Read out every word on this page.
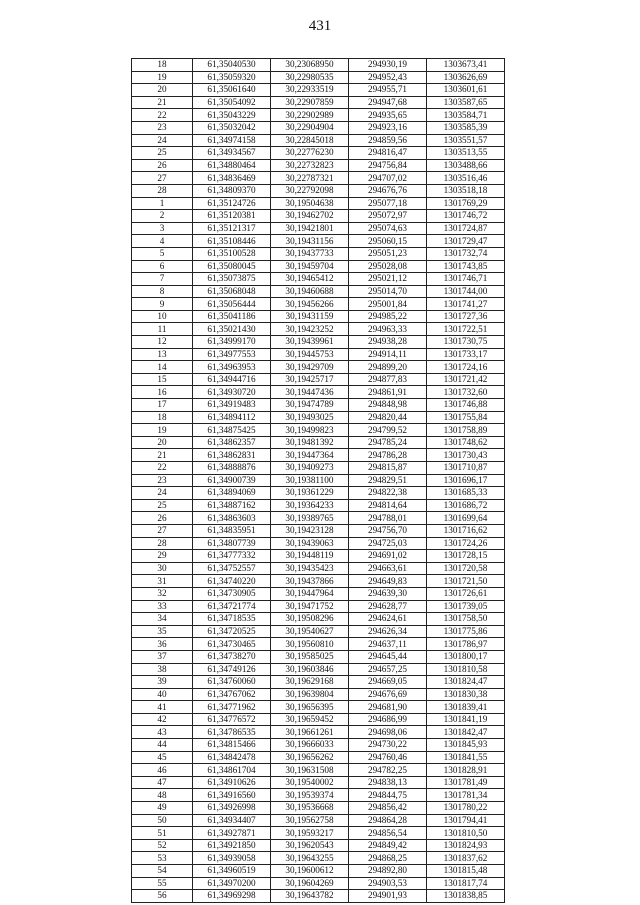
431
18	61,35040530	30,23068950	294930,19	1303673,41
19	61,35059320	30,22980535	294952,43	1303626,69
20	61,35061640	30,22933519	294955,71	1303601,61
21	61,35054092	30,22907859	294947,68	1303587,65
22	61,35043229	30,22902989	294935,65	1303584,71
23	61,35032042	30,22904904	294923,16	1303585,39
24	61,34974158	30,22845018	294859,56	1303551,57
25	61,34934567	30,22776230	294816,47	1303513,55
26	61,34880464	30,22732823	294756,84	1303488,66
27	61,34836469	30,22787321	294707,02	1303516,46
28	61,34809370	30,22792098	294676,76	1303518,18
1	61,35124726	30,19504638	295077,18	1301769,29
2	61,35120381	30,19462702	295072,97	1301746,72
3	61,35121317	30,19421801	295074,63	1301724,87
4	61,35108446	30,19431156	295060,15	1301729,47
5	61,35100528	30,19437733	295051,23	1301732,74
6	61,35080045	30,19459704	295028,08	1301743,85
7	61,35073875	30,19465412	295021,12	1301746,71
8	61,35068048	30,19460688	295014,70	1301744,00
9	61,35056444	30,19456266	295001,84	1301741,27
10	61,35041186	30,19431159	294985,22	1301727,36
11	61,35021430	30,19423252	294963,33	1301722,51
12	61,34999170	30,19439961	294938,28	1301730,75
13	61,34977553	30,19445753	294914,11	1301733,17
14	61,34963953	30,19429709	294899,20	1301724,16
15	61,34944716	30,19425717	294877,83	1301721,42
16	61,34930720	30,19447436	294861,91	1301732,60
17	61,34919483	30,19474789	294848,98	1301746,88
18	61,34894112	30,19493025	294820,44	1301755,84
19	61,34875425	30,19499823	294799,52	1301758,89
20	61,34862357	30,19481392	294785,24	1301748,62
21	61,34862831	30,19447364	294786,28	1301730,43
22	61,34888876	30,19409273	294815,87	1301710,87
23	61,34900739	30,19381100	294829,51	1301696,17
24	61,34894069	30,19361229	294822,38	1301685,33
25	61,34887162	30,19364233	294814,64	1301686,72
26	61,34863603	30,19389765	294788,01	1301699,64
27	61,34835951	30,19423128	294756,70	1301716,62
28	61,34807739	30,19439063	294725,03	1301724,26
29	61,34777332	30,19448119	294691,02	1301728,15
30	61,34752557	30,19435423	294663,61	1301720,58
31	61,34740220	30,19437866	294649,83	1301721,50
32	61,34730905	30,19447964	294639,30	1301726,61
33	61,34721774	30,19471752	294628,77	1301739,05
34	61,34718535	30,19508296	294624,61	1301758,50
35	61,34720525	30,19540627	294626,34	1301775,86
36	61,34730465	30,19560810	294637,11	1301786,97
37	61,34738270	30,19585025	294645,44	1301800,17
38	61,34749126	30,19603846	294657,25	1301810,58
39	61,34760060	30,19629168	294669,05	1301824,47
40	61,34767062	30,19639804	294676,69	1301830,38
41	61,34771962	30,19656395	294681,90	1301839,41
42	61,34776572	30,19659452	294686,99	1301841,19
43	61,34786535	30,19661261	294698,06	1301842,47
44	61,34815466	30,19666033	294730,22	1301845,93
45	61,34842478	30,19656262	294760,46	1301841,55
46	61,34861704	30,19631508	294782,25	1301828,91
47	61,34910626	30,19540002	294838,13	1301781,49
48	61,34916560	30,19539374	294844,75	1301781,34
49	61,34926998	30,19536668	294856,42	1301780,22
50	61,34934407	30,19562758	294864,28	1301794,41
51	61,34927871	30,19593217	294856,54	1301810,50
52	61,34921850	30,19620543	294849,42	1301824,93
53	61,34939058	30,19643255	294868,25	1301837,62
54	61,34960519	30,19600612	294892,80	1301815,48
55	61,34970200	30,19604269	294903,53	1301817,74
56	61,34969298	30,19643782	294901,93	1301838,85
